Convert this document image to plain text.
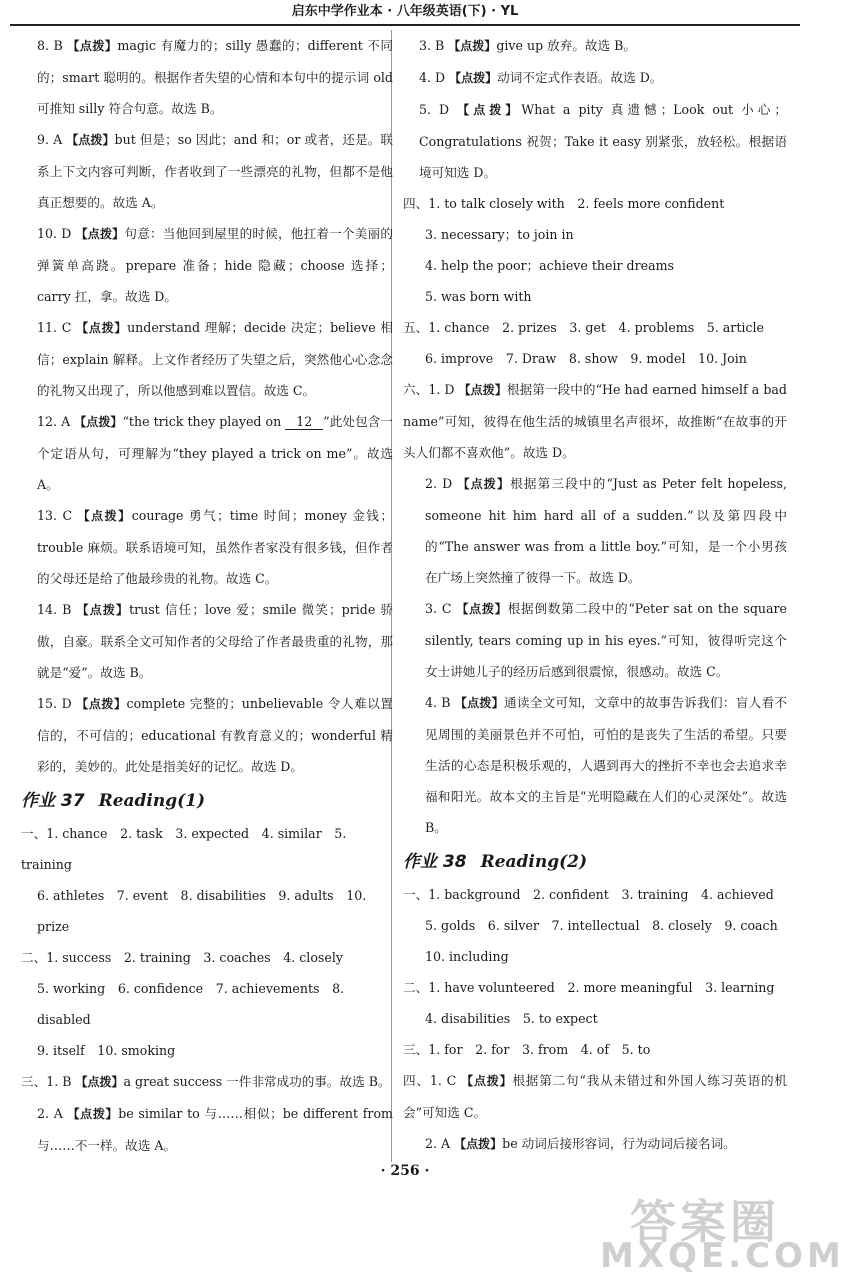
启东中学作业本 · 八年级英语(下) · YL
8. B 【点拨】magic 有魔力的；silly 愚蠢的；different 不同的；smart 聪明的。根据作者失望的心情和本句中的提示词 old 可推知 silly 符合句意。故选 B。
9. A 【点拨】but 但是；so 因此；and 和；or 或者，还是。联系上下文内容可判断，作者收到了一些漂亮的礼物，但都不是他真正想要的。故选 A。
10. D 【点拨】句意：当他回到屋里的时候，他扛着一个美丽的弹簧单高跷。prepare 准备；hide 隐藏；choose 选择；carry 扛，拿。故选 D。
11. C 【点拨】understand 理解；decide 决定；believe 相信；explain 解释。上文作者经历了失望之后，突然他心心念念的礼物又出现了，所以他感到难以置信。故选 C。
12. A 【点拨】“the trick they played on 12 ”此处包含一个定语从句，可理解为“they played a trick on me”。故选 A。
13. C 【点拨】courage 勇气；time 时间；money 金钱；trouble 麻烦。联系语境可知，虽然作者家没有很多钱，但作者的父母还是给了他最珍贵的礼物。故选 C。
14. B 【点拨】trust 信任；love 爱；smile 微笑；pride 骄傲，自豪。联系全文可知作者的父母给了作者最贵重的礼物，那就是“爱”。故选 B。
15. D 【点拨】complete 完整的；unbelievable 令人难以置信的，不可信的；educational 有教育意义的；wonderful 精彩的，美妙的。此处是指美好的记忆。故选 D。
作业 37 Reading(1)
一、1. chance　2. task　3. expected　4. similar　5. training
6. athletes　7. event　8. disabilities　9. adults　10. prize
二、1. success　2. training　3. coaches　4. closely
5. working　6. confidence　7. achievements　8. disabled
9. itself　10. smoking
三、1. B 【点拨】a great success 一件非常成功的事。故选 B。
2. A 【点拨】be similar to 与……相似；be different from 与……不一样。故选 A。
3. B 【点拨】give up 放弃。故选 B。
4. D 【点拨】动词不定式作表语。故选 D。
5. D 【点拨】What a pity 真遗憾；Look out 小心；Congratulations 祝贺；Take it easy 别紧张，放轻松。根据语境可知选 D。
四、1. to talk closely with　2. feels more confident
3. necessary；to join in
4. help the poor；achieve their dreams
5. was born with
五、1. chance　2. prizes　3. get　4. problems　5. article
6. improve　7. Draw　8. show　9. model　10. Join
六、1. D 【点拨】根据第一段中的“He had earned himself a bad name”可知，彼得在他生活的城镇里名声很坏，故推断“在故事的开头人们都不喜欢他”。故选 D。
2. D 【点拨】根据第三段中的“Just as Peter felt hopeless, someone hit him hard all of a sudden.”以及第四段中的“The answer was from a little boy.”可知，是一个小男孩在广场上突然撞了彼得一下。故选 D。
3. C 【点拨】根据倒数第二段中的“Peter sat on the square silently, tears coming up in his eyes.”可知，彼得听完这个女士讲她儿子的经历后感到很震惊，很感动。故选 C。
4. B 【点拨】通读全文可知，文章中的故事告诉我们：盲人看不见周围的美丽景色并不可怕，可怕的是丧失了生活的希望。只要生活的心态是积极乐观的，人遇到再大的挫折不幸也会去追求幸福和阳光。故本文的主旨是“光明隐藏在人们的心灵深处”。故选 B。
作业 38 Reading(2)
一、1. background　2. confident　3. training　4. achieved
5. golds　6. silver　7. intellectual　8. closely　9. coach
10. including
二、1. have volunteered　2. more meaningful　3. learning
4. disabilities　5. to expect
三、1. for　2. for　3. from　4. of　5. to
四、1. C 【点拨】根据第二句“我从未错过和外国人练习英语的机会”可知选 C。
2. A 【点拨】be 动词后接形容词，行为动词后接名词。
· 256 ·
答案圈
MXQE.COM
